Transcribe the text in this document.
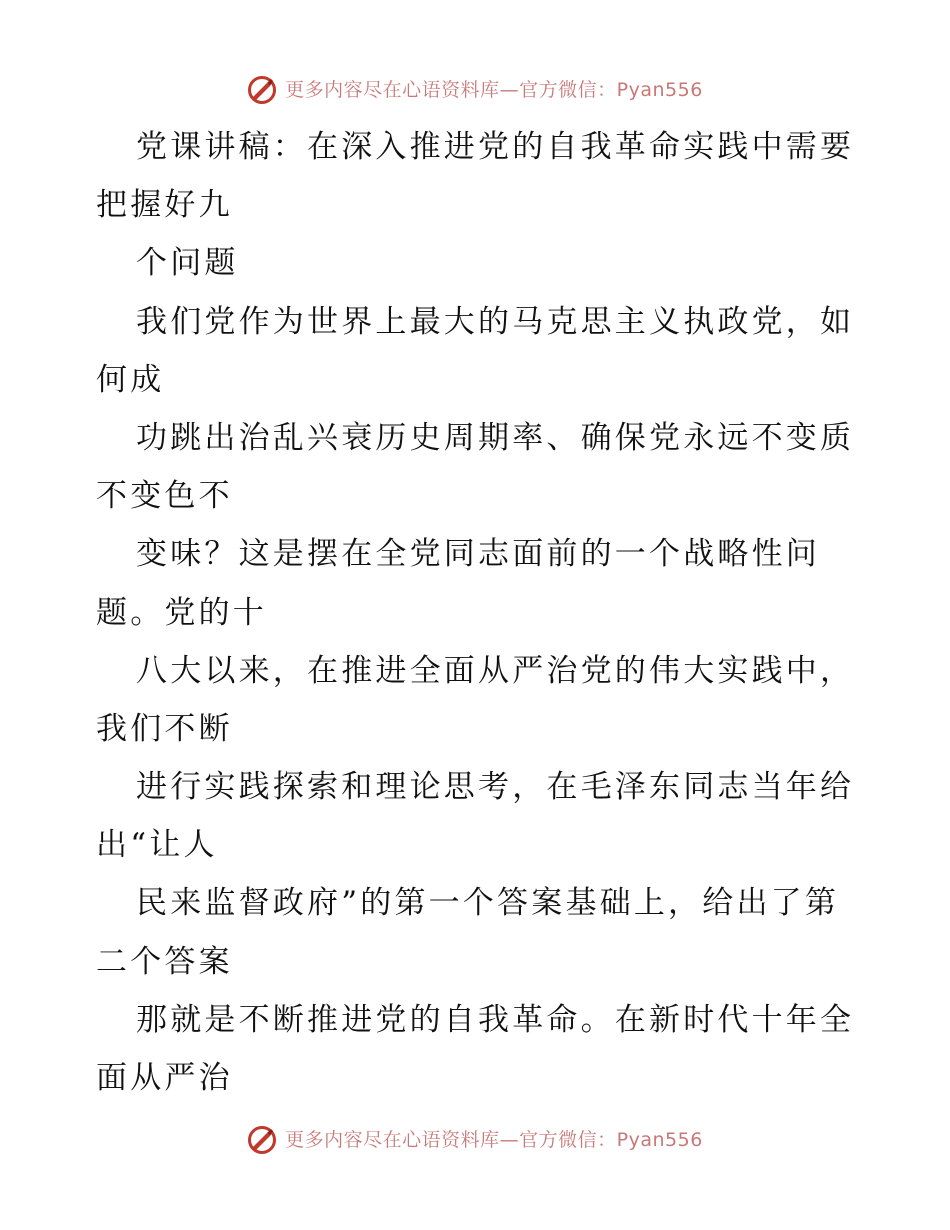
更多内容尽在心语资料库—官方微信：Pyan556
党课讲稿：在深入推进党的自我革命实践中需要
把握好九
个问题
我们党作为世界上最大的马克思主义执政党，如
何成
功跳出治乱兴衰历史周期率、确保党永远不变质
不变色不
变味？这是摆在全党同志面前的一个战略性问
题。党的十
八大以来，在推进全面从严治党的伟大实践中，
我们不断
进行实践探索和理论思考，在毛泽东同志当年给
出“让人
民来监督政府”的第一个答案基础上，给出了第
二个答案
那就是不断推进党的自我革命。在新时代十年全
面从严治
更多内容尽在心语资料库—官方微信：Pyan556
